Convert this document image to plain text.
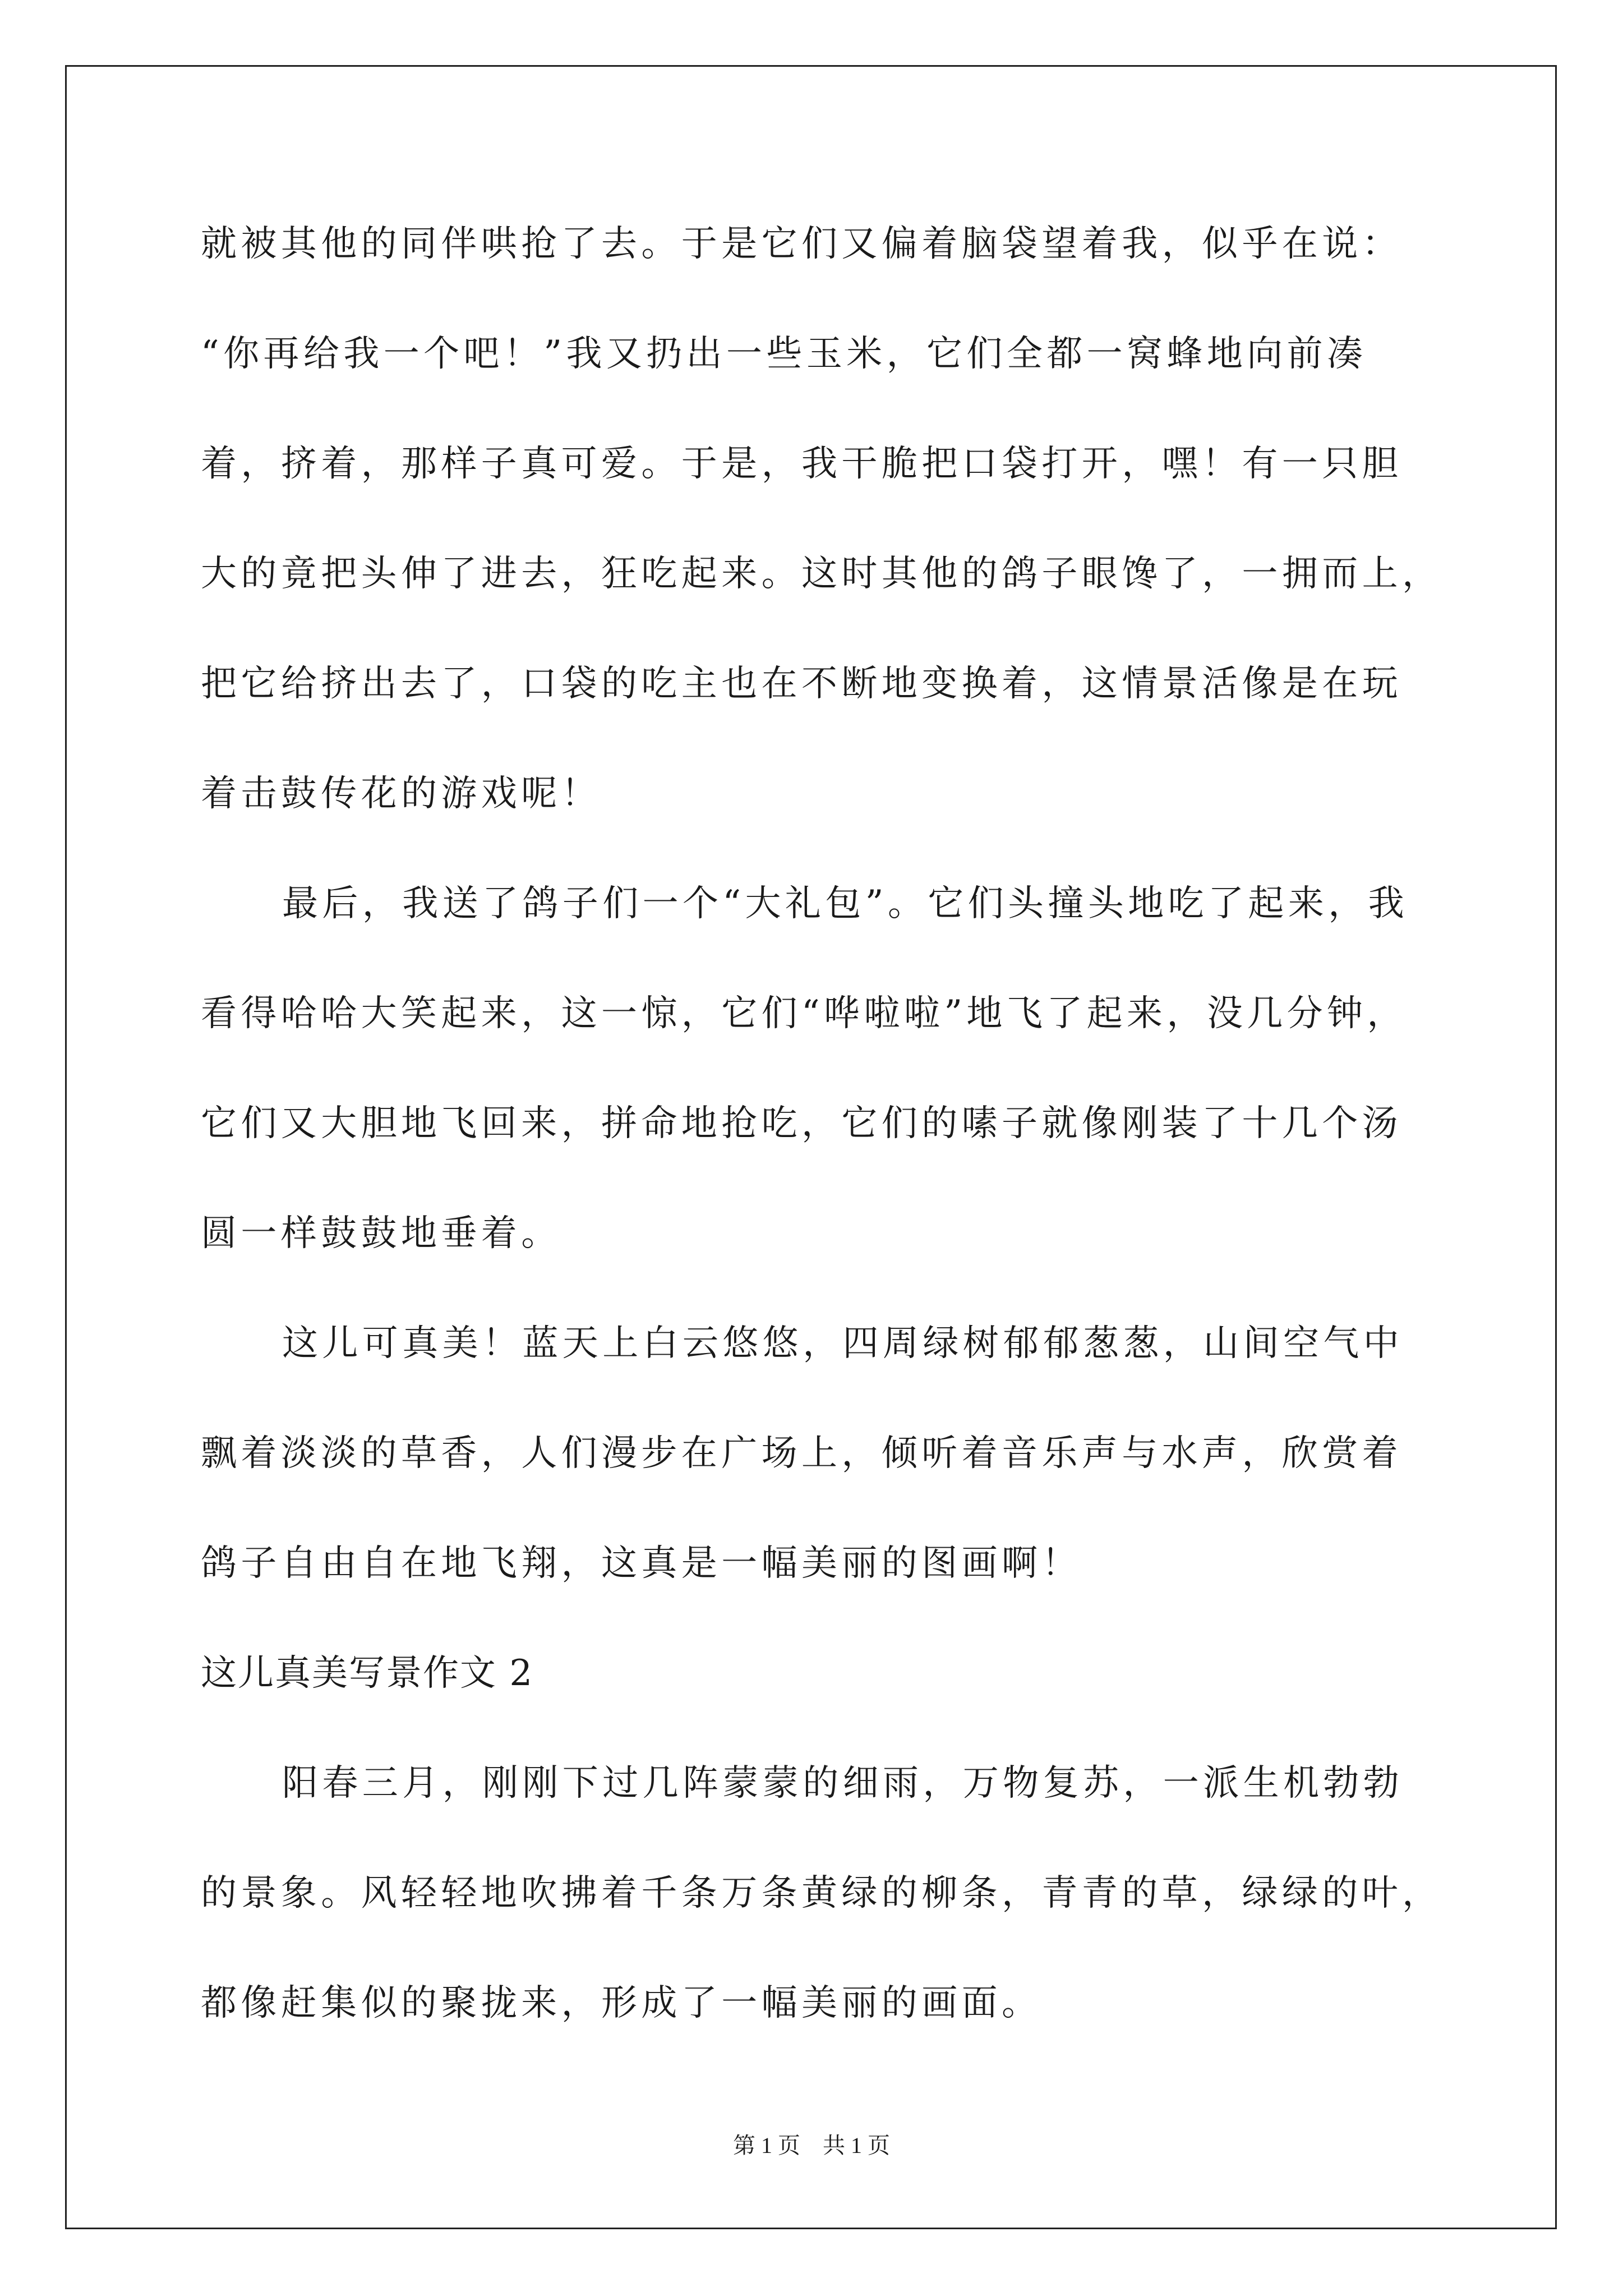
就被其他的同伴哄抢了去。于是它们又偏着脑袋望着我，似乎在说：
“你再给我一个吧！”我又扔出一些玉米，它们全都一窝蜂地向前凑
着，挤着，那样子真可爱。于是，我干脆把口袋打开，嘿！有一只胆
大的竟把头伸了进去，狂吃起来。这时其他的鸽子眼馋了，一拥而上，
把它给挤出去了，口袋的吃主也在不断地变换着，这情景活像是在玩
着击鼓传花的游戏呢！
最后，我送了鸽子们一个“大礼包”。它们头撞头地吃了起来，我
看得哈哈大笑起来，这一惊，它们“哗啦啦”地飞了起来，没几分钟，
它们又大胆地飞回来，拼命地抢吃，它们的嗉子就像刚装了十几个汤
圆一样鼓鼓地垂着。
这儿可真美！蓝天上白云悠悠，四周绿树郁郁葱葱，山间空气中
飘着淡淡的草香，人们漫步在广场上，倾听着音乐声与水声，欣赏着
鸽子自由自在地飞翔，这真是一幅美丽的图画啊！
这儿真美写景作文 2
阳春三月，刚刚下过几阵蒙蒙的细雨，万物复苏，一派生机勃勃
的景象。风轻轻地吹拂着千条万条黄绿的柳条，青青的草，绿绿的叶，
都像赶集似的聚拢来，形成了一幅美丽的画面。
第 1 页 共 1 页
